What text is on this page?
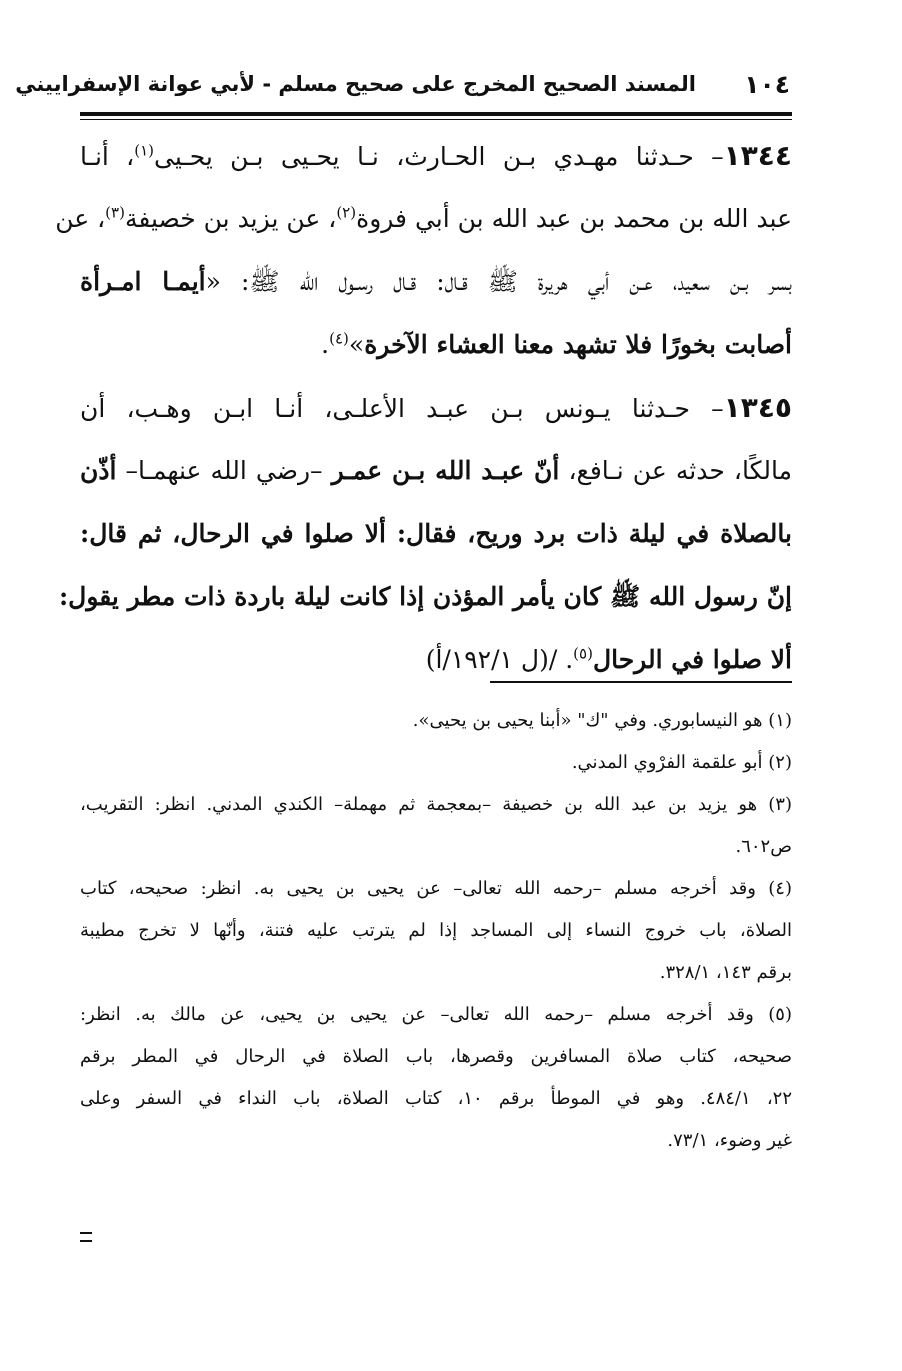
١٠٤
المسند الصحيح المخرج على صحيح مسلم - لأبي عوانة الإسفراييني
١٣٤٤– حـدثنا مهـدي بـن الحـارث، نـا يحـيى بـن يحـيى$^{(١)}$، أنـا
عبد الله بن محمد بن عبد الله بن أبي فروة$^{(٢)}$، عن يزيد بن خصيفة$^{(٣)}$، عن
بسر بـن سعيد، عـن أبي هريرة ﷺ قـال: قـال رسـول الله ﷺ: «أيمـا امـرأة
أصابت بخورًا فلا تشهد معنا العشاء الآخرة»$^{(٤)}$.
١٣٤٥– حـدثنا يـونس بـن عبـد الأعلـى، أنـا ابـن وهـب، أن
مالكًا، حدثه عن نـافع، أنّ عبـد الله بـن عمـر –رضي الله عنهمـا– أذّن
بالصلاة في ليلة ذات برد وريح، فقال: ألا صلوا في الرحال، ثم قال:
إنّ رسول الله ﷺ كان يأمر المؤذن إذا كانت ليلة باردة ذات مطر يقول:
ألا صلوا في الرحال$^{(٥)}$. /(ل ١٩٢/١/أ)
(١) هو النيسابوري. وفي "ك" «أبنا يحيى بن يحيى».
(٢) أبو علقمة الفرْوي المدني.
(٣) هو يزيد بن عبد الله بن خصيفة –بمعجمة ثم مهملة– الكندي المدني. انظر: التقريب،
ص٦٠٢.
(٤) وقد أخرجه مسلم –رحمه الله تعالى– عن يحيى بن يحيى به. انظر: صحيحه، كتاب
الصلاة، باب خروج النساء إلى المساجد إذا لم يترتب عليه فتنة، وأنّها لا تخرج مطيبة
برقم ١٤٣، ٣٢٨/١.
(٥) وقد أخرجه مسلم –رحمه الله تعالى– عن يحيى بن يحيى، عن مالك به. انظر:
صحيحه، كتاب صلاة المسافرين وقصرها، باب الصلاة في الرحال في المطر برقم
٢٢، ٤٨٤/١. وهو في الموطأ برقم ١٠، كتاب الصلاة، باب النداء في السفر وعلى
غير وضوء، ٧٣/١.
